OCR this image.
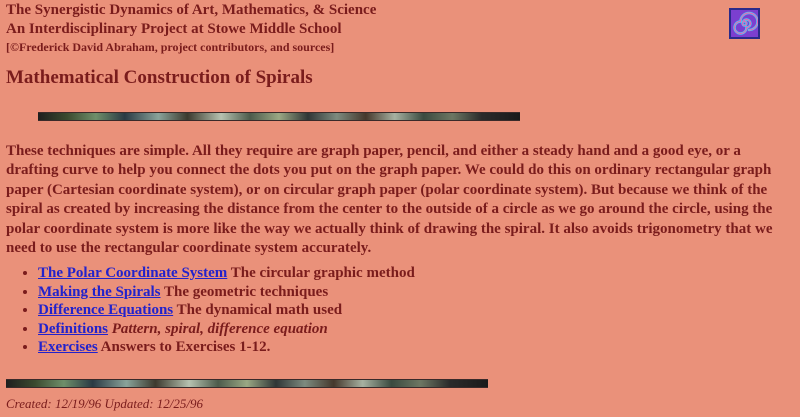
The Synergistic Dynamics of Art, Mathematics, & Science
An Interdisciplinary Project at Stowe Middle School
[©Frederick David Abraham, project contributors, and sources]
Mathematical Construction of Spirals

These techniques are simple. All they require are graph paper, pencil, and either a steady hand and a good eye, or a drafting curve to help you connect the dots you put on the graph paper. We could do this on ordinary rectangular graph paper (Cartesian coordinate system), or on circular graph paper (polar coordinate system). But because we think of the spiral as created by increasing the distance from the center to the outside of a circle as we go around the circle, using the polar coordinate system is more like the way we actually think of drawing the spiral. It also avoids trigonometry that we need to use the rectangular coordinate system accurately.

• The Polar Coordinate System The circular graphic method
• Making the Spirals The geometric techniques
• Difference Equations The dynamical math used
• Definitions Pattern, spiral, difference equation
• Exercises Answers to Exercises 1-12.
Created: 12/19/96 Updated: 12/25/96
